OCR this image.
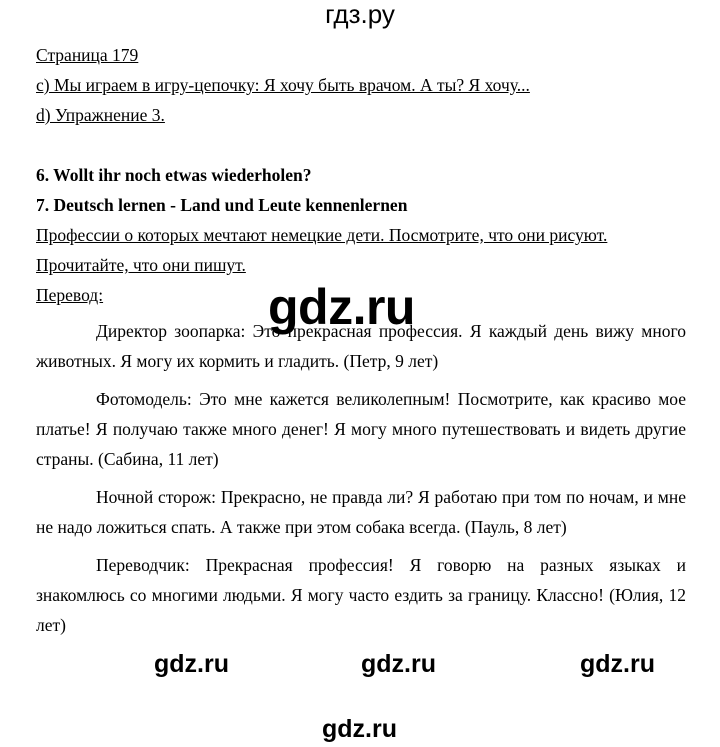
гдз.ру
Страница 179
c) Мы играем в игру-цепочку: Я хочу быть врачом. А ты? Я хочу...
d) Упражнение 3.
6. Wollt ihr noch etwas wiederholen?
7. Deutsch lernen - Land und Leute kennenlernen
Профессии о которых мечтают немецкие дети. Посмотрите, что они рисуют.
Прочитайте, что они пишут.
Перевод:

Директор зоопарка: Это прекрасная профессия. Я каждый день вижу много животных. Я могу их кормить и гладить. (Петр, 9 лет)

Фотомодель: Это мне кажется великолепным! Посмотрите, как красиво мое платье! Я получаю также много денег! Я могу много путешествовать и видеть другие страны. (Сабина, 11 лет)

Ночной сторож: Прекрасно, не правда ли? Я работаю при том по ночам, и мне не надо ложиться спать. А также при этом собака всегда. (Пауль, 8 лет)

Переводчик: Прекрасная профессия! Я говорю на разных языках и знакомлюсь со многими людьми. Я могу часто ездить за границу. Классно! (Юлия, 12 лет)

gdz.ru
gdz.ru	gdz.ru	gdz.ru
gdz.ru
